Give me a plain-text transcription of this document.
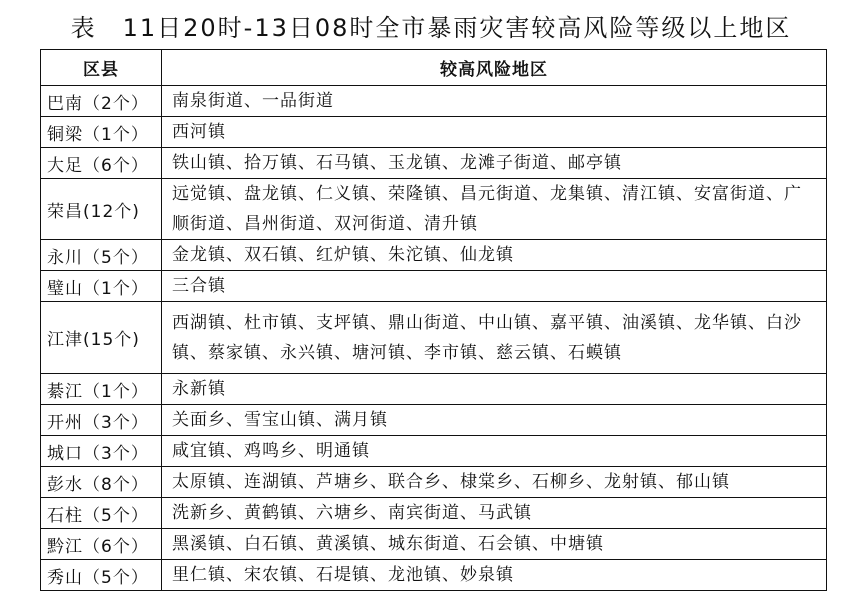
表 11日20时-13日08时全市暴雨灾害较高风险等级以上地区
区县	较高风险地区
巴南（2个）	南泉街道、一品街道
铜梁（1个）	西河镇
大足（6个）	铁山镇、拾万镇、石马镇、玉龙镇、龙滩子街道、邮亭镇
荣昌(12个)	远觉镇、盘龙镇、仁义镇、荣隆镇、昌元街道、龙集镇、清江镇、安富街道、广顺街道、昌州街道、双河街道、清升镇
永川（5个）	金龙镇、双石镇、红炉镇、朱沱镇、仙龙镇
璧山（1个）	三合镇
江津(15个)	西湖镇、杜市镇、支坪镇、鼎山街道、中山镇、嘉平镇、油溪镇、龙华镇、白沙镇、蔡家镇、永兴镇、塘河镇、李市镇、慈云镇、石蟆镇
綦江（1个）	永新镇
开州（3个）	关面乡、雪宝山镇、满月镇
城口（3个）	咸宜镇、鸡鸣乡、明通镇
彭水（8个）	太原镇、连湖镇、芦塘乡、联合乡、棣棠乡、石柳乡、龙射镇、郁山镇
石柱（5个）	洗新乡、黄鹤镇、六塘乡、南宾街道、马武镇
黔江（6个）	黑溪镇、白石镇、黄溪镇、城东街道、石会镇、中塘镇
秀山（5个）	里仁镇、宋农镇、石堤镇、龙池镇、妙泉镇
